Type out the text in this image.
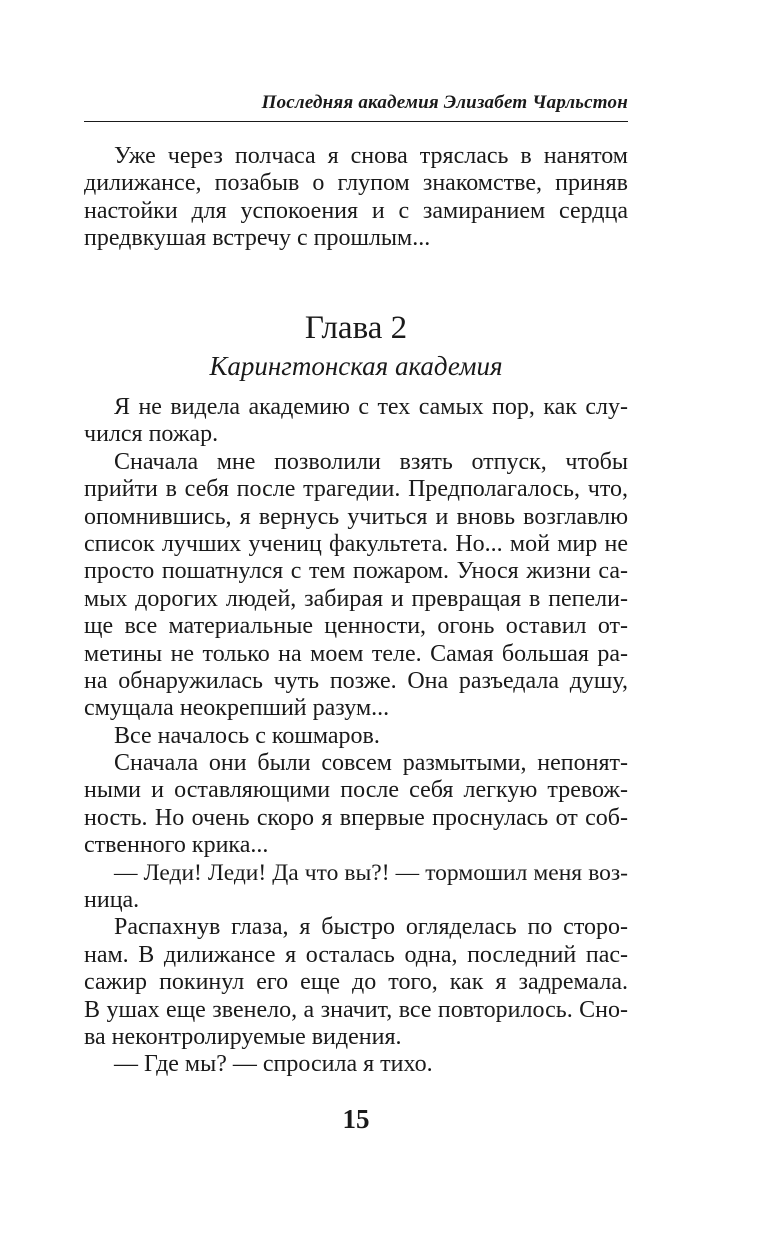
Последняя академия Элизабет Чарльстон
Уже через полчаса я снова тряслась в нанятом
дилижансе, позабыв о глупом знакомстве, приняв
настойки для успокоения и с замиранием сердца
предвкушая встречу с прошлым...
Глава 2
Карингтонская академия
Я не видела академию с тех самых пор, как слу-
чился пожар.
Сначала мне позволили взять отпуск, чтобы
прийти в себя после трагедии. Предполагалось, что,
опомнившись, я вернусь учиться и вновь возглавлю
список лучших учениц факультета. Но... мой мир не
просто пошатнулся с тем пожаром. Унося жизни са-
мых дорогих людей, забирая и превращая в пепели-
ще все материальные ценности, огонь оставил от-
метины не только на моем теле. Самая большая ра-
на обнаружилась чуть позже. Она разъедала душу,
смущала неокрепший разум...
Все началось с кошмаров.
Сначала они были совсем размытыми, непонят-
ными и оставляющими после себя легкую тревож-
ность. Но очень скоро я впервые проснулась от соб-
ственного крика...
— Леди! Леди! Да что вы?! — тормошил меня воз-
ница.
Распахнув глаза, я быстро огляделась по сторо-
нам. В дилижансе я осталась одна, последний пас-
сажир покинул его еще до того, как я задремала.
В ушах еще звенело, а значит, все повторилось. Сно-
ва неконтролируемые видения.
— Где мы? — спросила я тихо.
15
